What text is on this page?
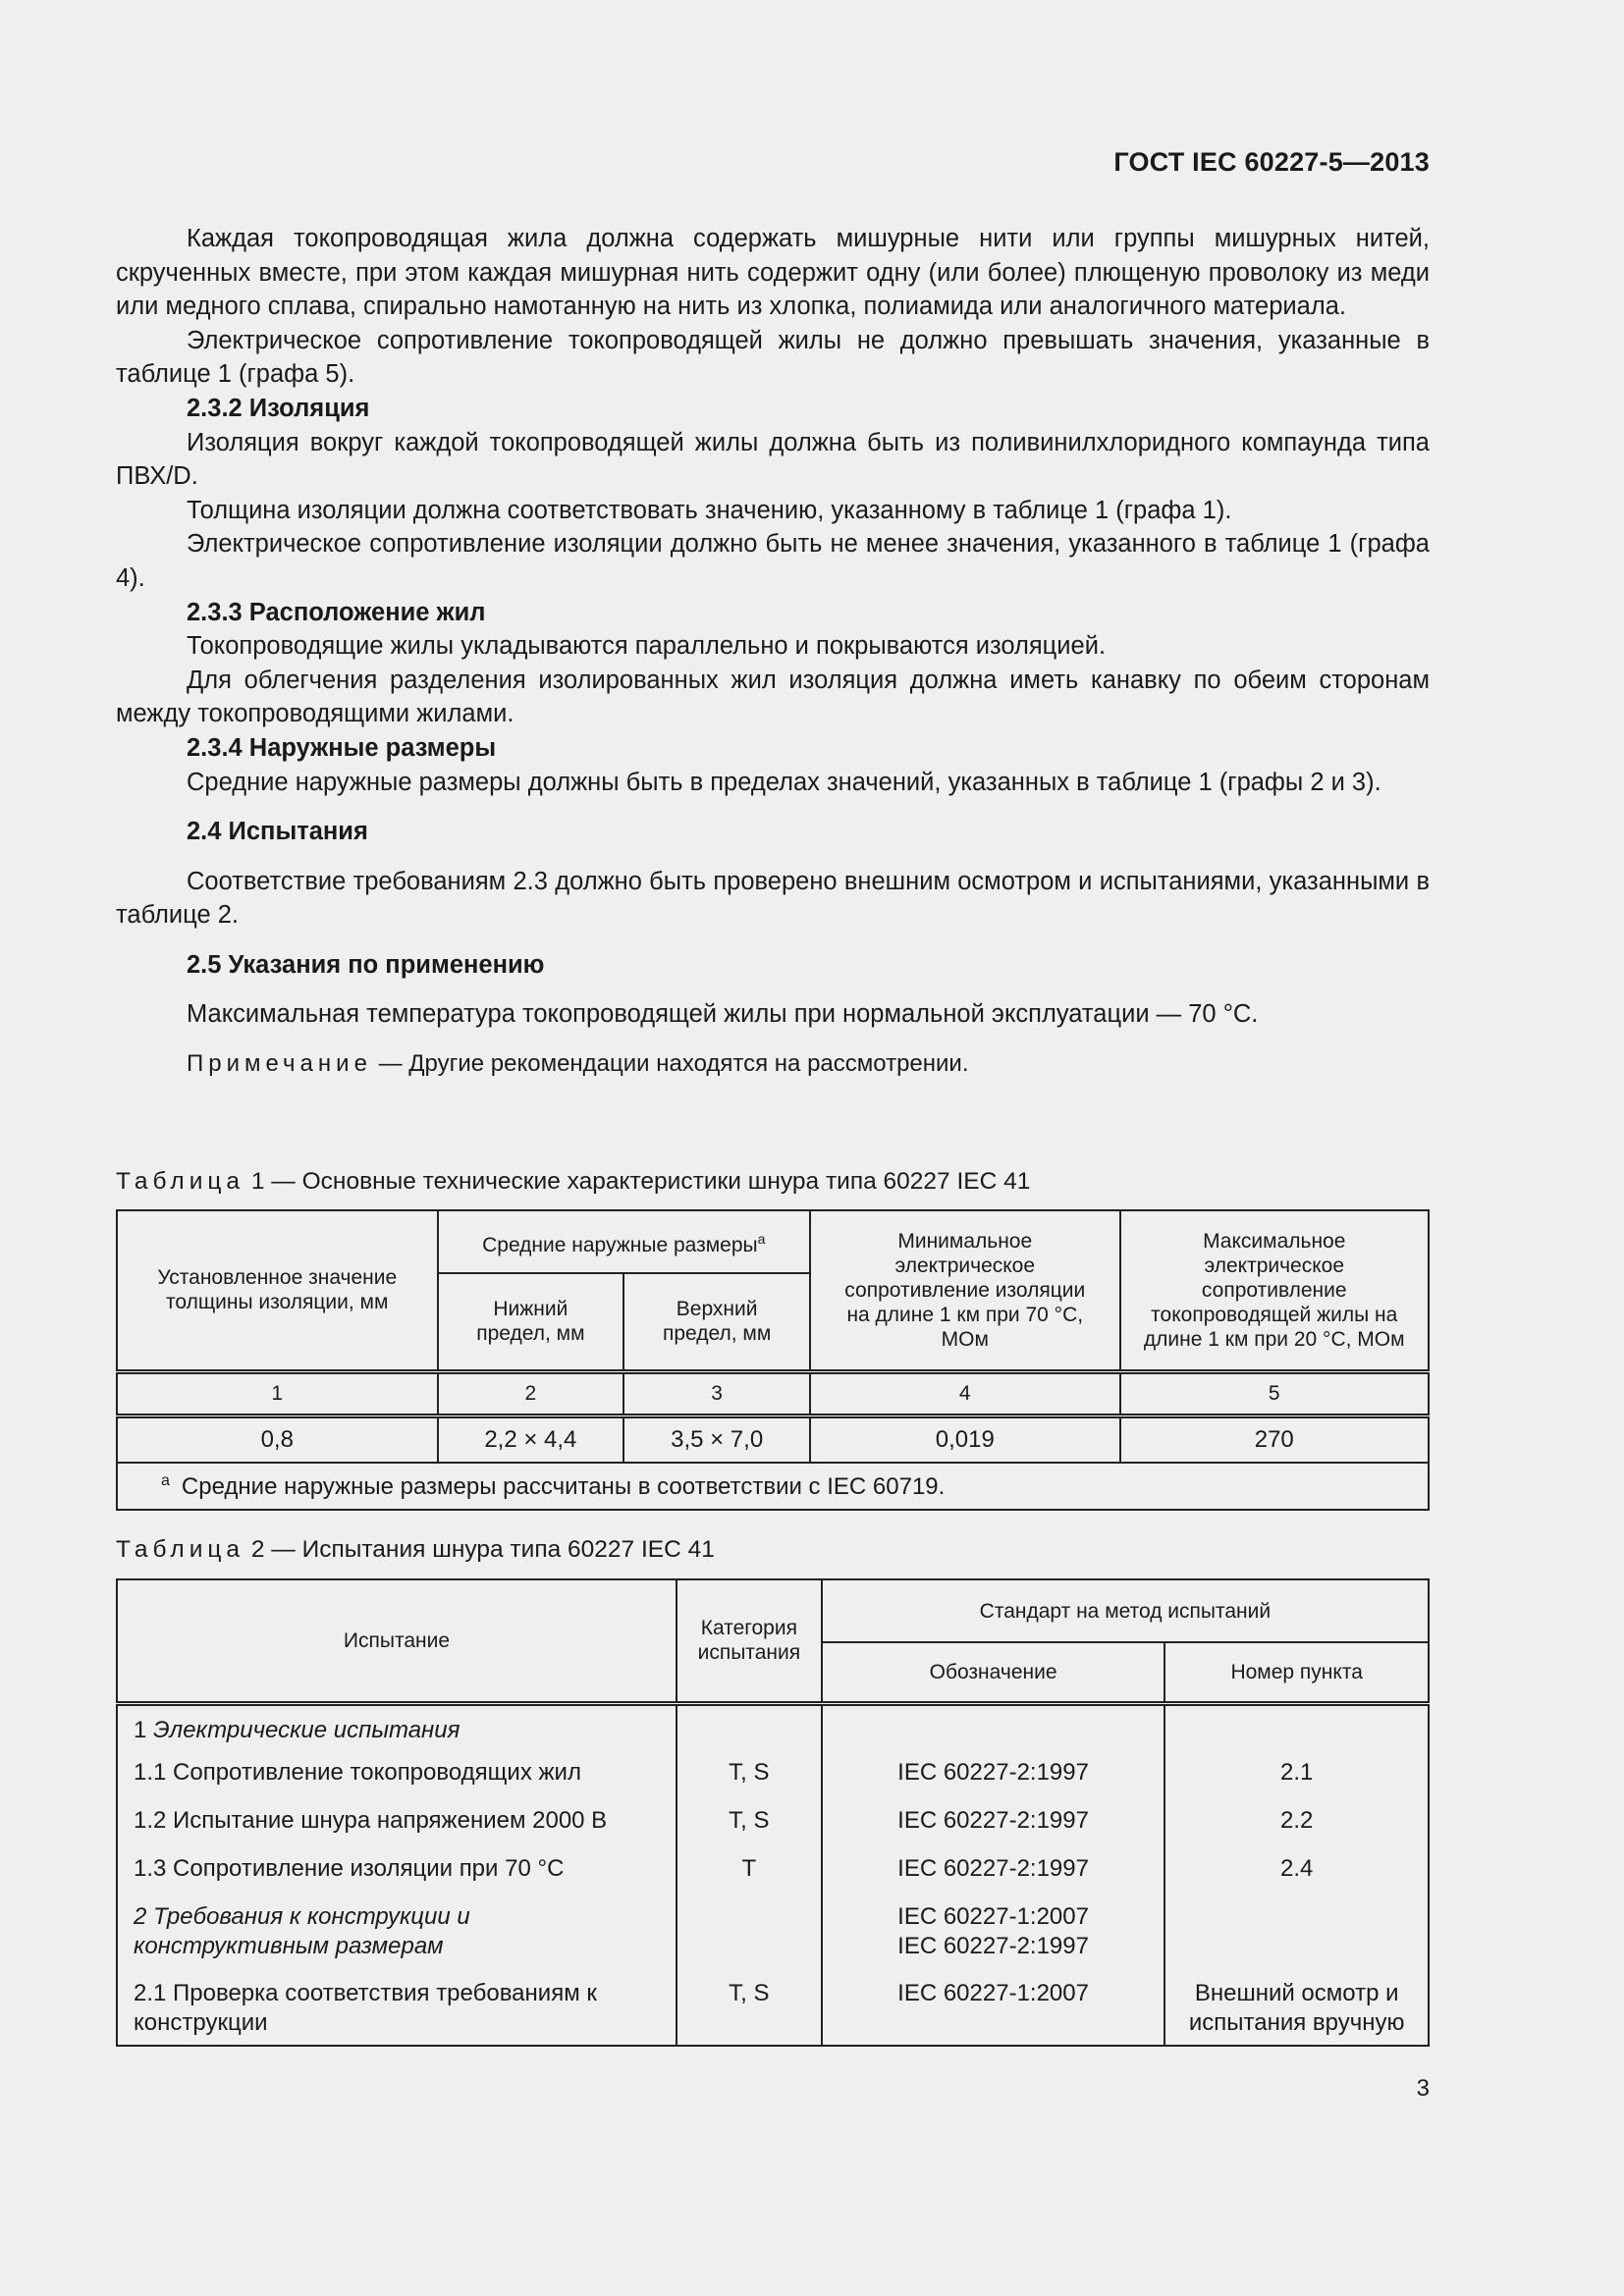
ГОСТ IEC 60227-5—2013

Каждая токопроводящая жила должна содержать мишурные нити или группы мишурных нитей, скрученных вместе, при этом каждая мишурная нить содержит одну (или более) плющеную проволоку из меди или медного сплава, спирально намотанную на нить из хлопка, полиамида или аналогичного материала.

Электрическое сопротивление токопроводящей жилы не должно превышать значения, указанные в таблице 1 (графа 5).

2.3.2 Изоляция

Изоляция вокруг каждой токопроводящей жилы должна быть из поливинилхлоридного компаунда типа ПВХ/D.

Толщина изоляции должна соответствовать значению, указанному в таблице 1 (графа 1).

Электрическое сопротивление изоляции должно быть не менее значения, указанного в таблице 1 (графа 4).

2.3.3 Расположение жил

Токопроводящие жилы укладываются параллельно и покрываются изоляцией.

Для облегчения разделения изолированных жил изоляция должна иметь канавку по обеим сторонам между токопроводящими жилами.

2.3.4 Наружные размеры

Средние наружные размеры должны быть в пределах значений, указанных в таблице 1 (графы 2 и 3).

2.4 Испытания

Соответствие требованиям 2.3 должно быть проверено внешним осмотром и испытаниями, указанными в таблице 2.

2.5 Указания по применению

Максимальная температура токопроводящей жилы при нормальной эксплуатации — 70 °С.

Примечание — Другие рекомендации находятся на рассмотрении.

Таблица 1 — Основные технические характеристики шнура типа 60227 IEC 41
Установленное значение толщины изоляции, мм	Средние наружные размеры$^a$		Минимальное электрическое сопротивление изоляции на длине 1 км при 70 °С, МОм	Максимальное электрическое сопротивление токопроводящей жилы на длине 1 км при 20 °С, МОм
	Нижний предел, мм	Верхний предел, мм		
1	2	3	4	5
0,8	2,2 × 4,4	3,5 × 7,0	0,019	270
$^a$ Средние наружные размеры рассчитаны в соответствии с IEC 60719.				
Таблица 2 — Испытания шнура типа 60227 IEC 41
Испытание	Категория испытания	Стандарт на метод испытаний	
		Обозначение	Номер пункта
1 Электрические испытания			
1.1 Сопротивление токопроводящих жил	T, S	IEC 60227-2:1997	2.1
1.2 Испытание шнура напряжением 2000 В	T, S	IEC 60227-2:1997	2.2
1.3 Сопротивление изоляции при 70 °С	T	IEC 60227-2:1997	2.4
2 Требования к конструкции и конструктивным размерам		IEC 60227-1:2007 IEC 60227-2:1997	
2.1 Проверка соответствия требованиям к конструкции	T, S	IEC 60227-1:2007	Внешний осмотр и испытания вручную
3
